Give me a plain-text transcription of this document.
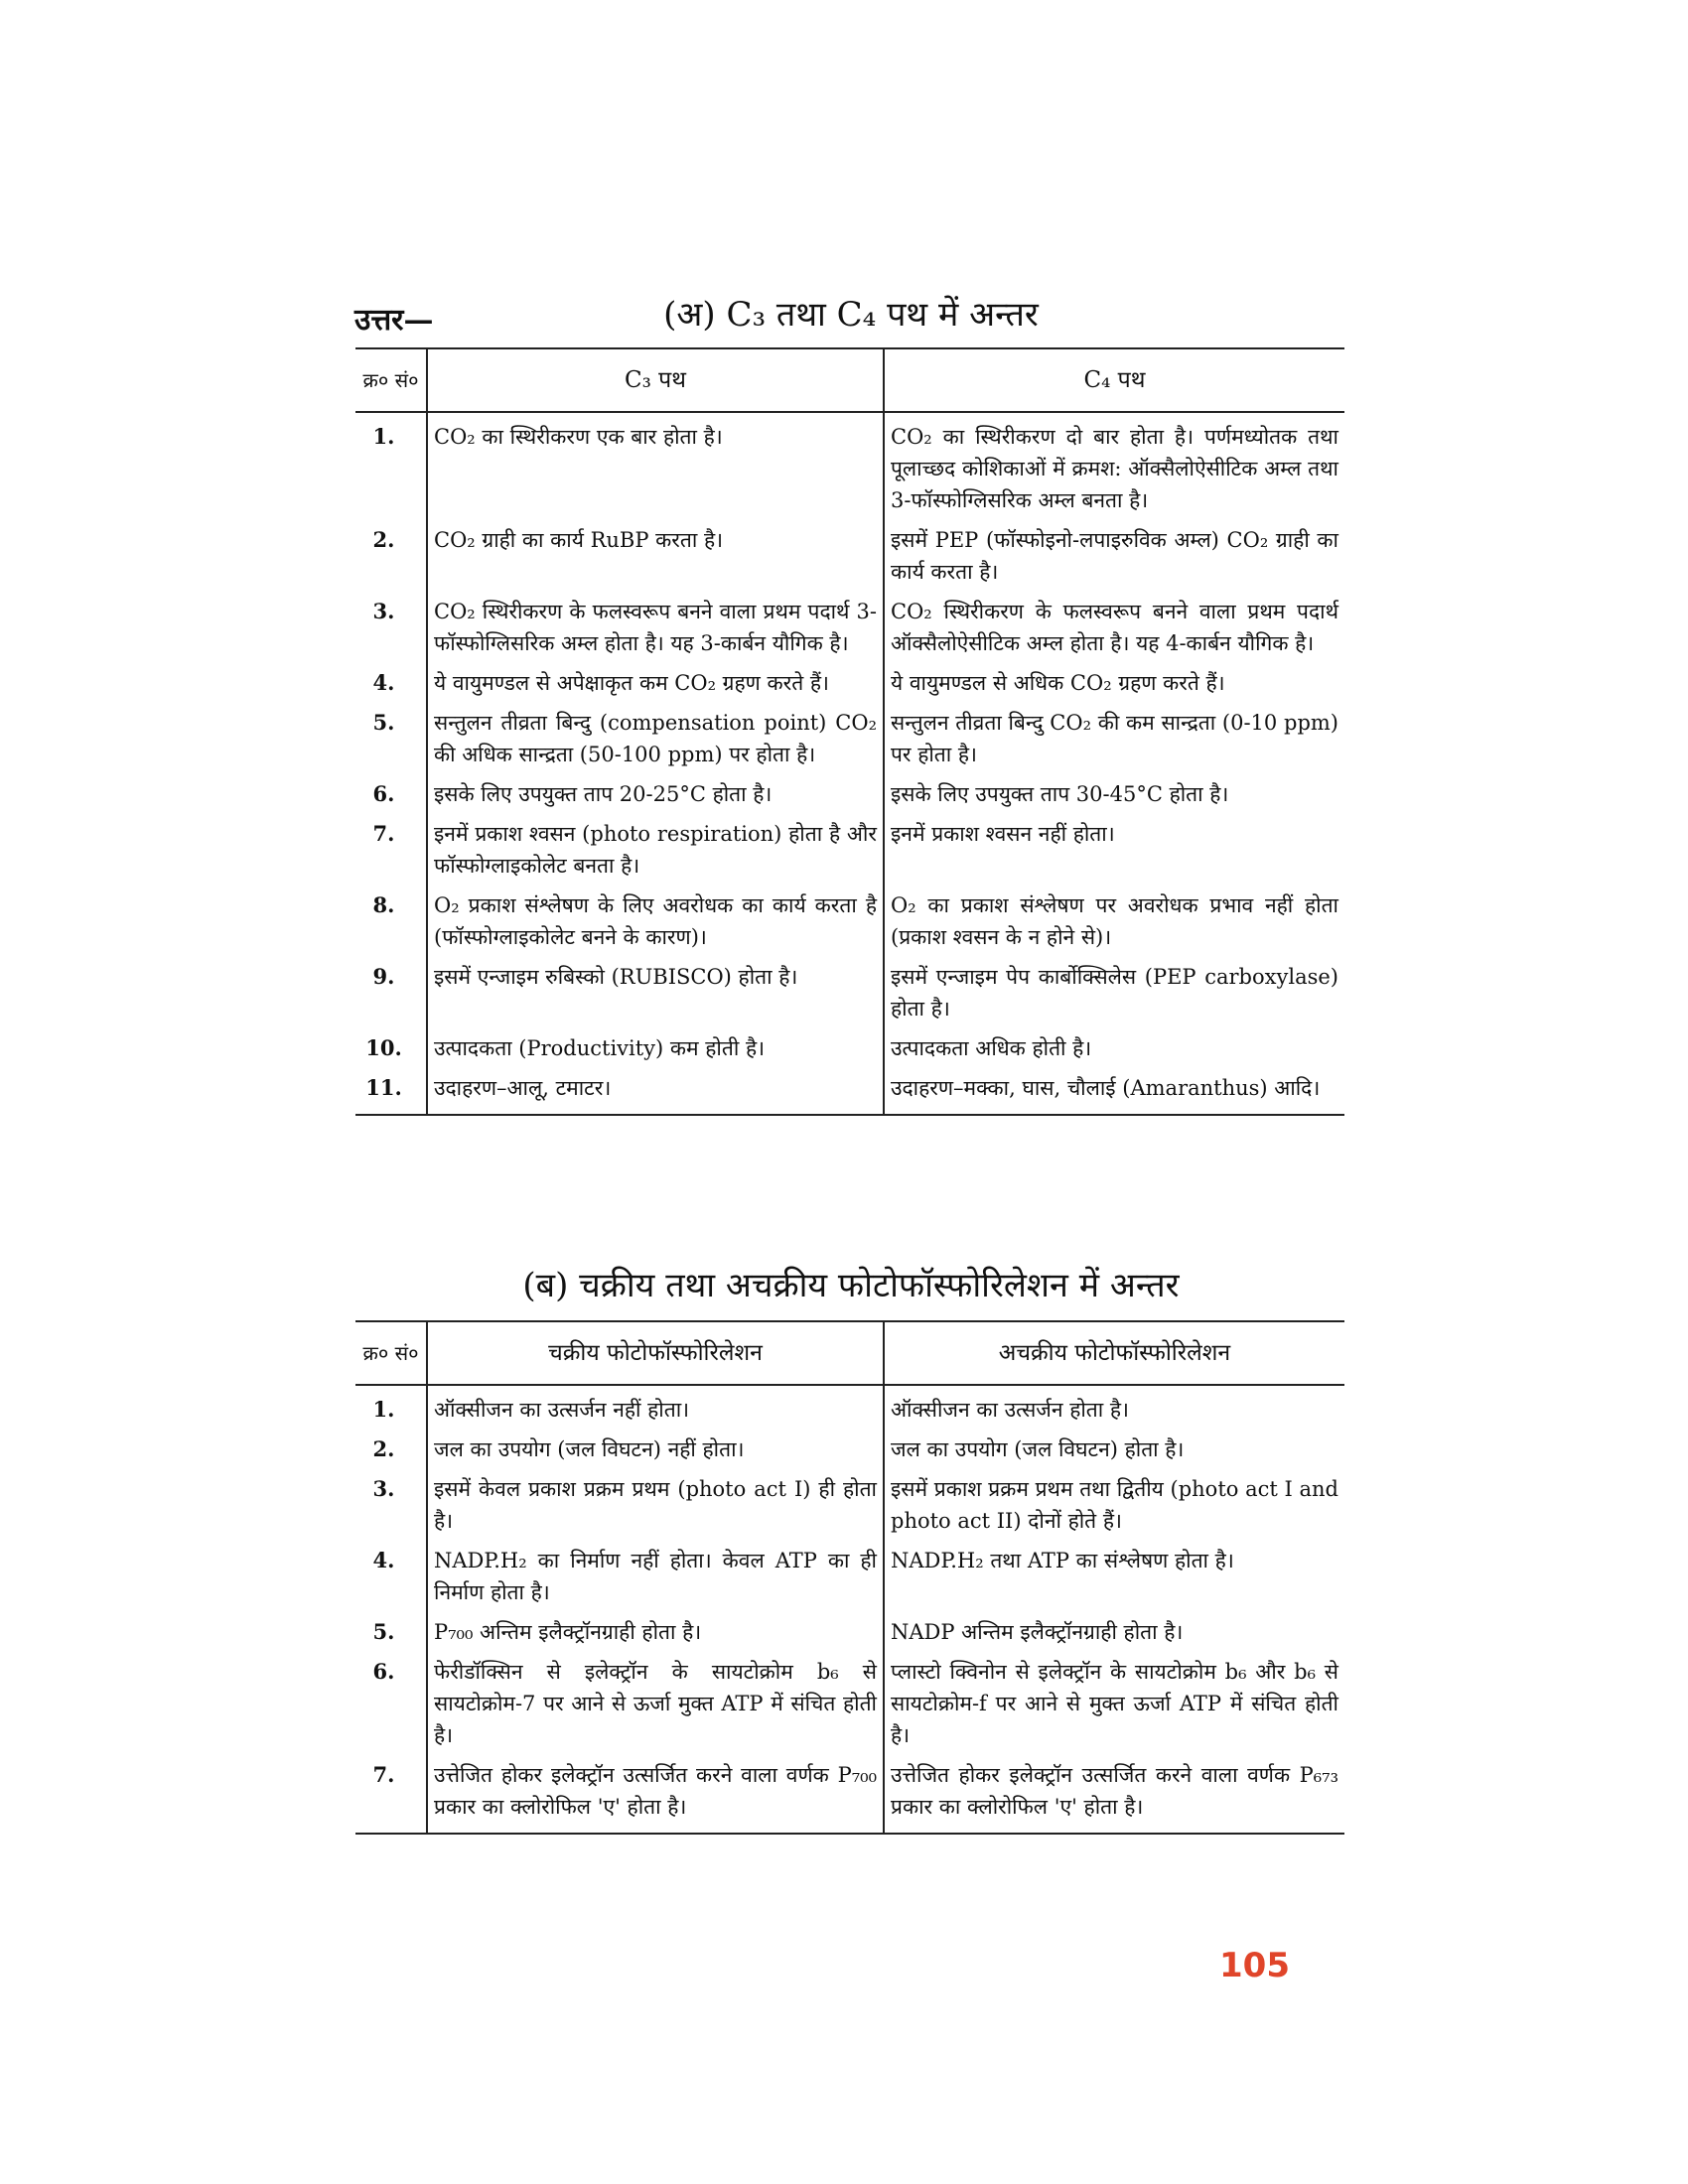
उत्तर—	(अ) C₃ तथा C₄ पथ में अन्तर
क्र० सं०	C₃ पथ	C₄ पथ
1.	CO₂ का स्थिरीकरण एक बार होता है।	CO₂ का स्थिरीकरण दो बार होता है। पर्णमध्योतक तथा पूलाच्छद कोशिकाओं में क्रमश: ऑक्सैलोऐसीटिक अम्ल तथा 3-फॉस्फोग्लिसरिक अम्ल बनता है।
2.	CO₂ ग्राही का कार्य RuBP करता है।	इसमें PEP (फॉस्फोइनो-लपाइरुविक अम्ल) CO₂ ग्राही का कार्य करता है।
3.	CO₂ स्थिरीकरण के फलस्वरूप बनने वाला प्रथम पदार्थ 3-फॉस्फोग्लिसरिक अम्ल होता है। यह 3-कार्बन यौगिक है।	CO₂ स्थिरीकरण के फलस्वरूप बनने वाला प्रथम पदार्थ ऑक्सैलोऐसीटिक अम्ल होता है। यह 4-कार्बन यौगिक है।
4.	ये वायुमण्डल से अपेक्षाकृत कम CO₂ ग्रहण करते हैं।	ये वायुमण्डल से अधिक CO₂ ग्रहण करते हैं।
5.	सन्तुलन तीव्रता बिन्दु (compensation point) CO₂ की अधिक सान्द्रता (50-100 ppm) पर होता है।	सन्तुलन तीव्रता बिन्दु CO₂ की कम सान्द्रता (0-10 ppm) पर होता है।
6.	इसके लिए उपयुक्त ताप 20-25°C होता है।	इसके लिए उपयुक्त ताप 30-45°C होता है।
7.	इनमें प्रकाश श्वसन (photo respiration) होता है और फॉस्फोग्लाइकोलेट बनता है।	इनमें प्रकाश श्वसन नहीं होता।
8.	O₂ प्रकाश संश्लेषण के लिए अवरोधक का कार्य करता है (फॉस्फोग्लाइकोलेट बनने के कारण)।	O₂ का प्रकाश संश्लेषण पर अवरोधक प्रभाव नहीं होता (प्रकाश श्वसन के न होने से)।
9.	इसमें एन्जाइम रुबिस्को (RUBISCO) होता है।	इसमें एन्जाइम पेप कार्बोक्सिलेस (PEP carboxylase) होता है।
10.	उत्पादकता (Productivity) कम होती है।	उत्पादकता अधिक होती है।
11.	उदाहरण–आलू, टमाटर।	उदाहरण–मक्का, घास, चौलाई (Amaranthus) आदि।
(ब) चक्रीय तथा अचक्रीय फोटोफॉस्फोरिलेशन में अन्तर
क्र० सं०	चक्रीय फोटोफॉस्फोरिलेशन	अचक्रीय फोटोफॉस्फोरिलेशन
1.	ऑक्सीजन का उत्सर्जन नहीं होता।	ऑक्सीजन का उत्सर्जन होता है।
2.	जल का उपयोग (जल विघटन) नहीं होता।	जल का उपयोग (जल विघटन) होता है।
3.	इसमें केवल प्रकाश प्रक्रम प्रथम (photo act I) ही होता है।	इसमें प्रकाश प्रक्रम प्रथम तथा द्वितीय (photo act I and photo act II) दोनों होते हैं।
4.	NADP.H₂ का निर्माण नहीं होता। केवल ATP का ही निर्माण होता है।	NADP.H₂ तथा ATP का संश्लेषण होता है।
5.	P₇₀₀ अन्तिम इलैक्ट्रॉनग्राही होता है।	NADP अन्तिम इलैक्ट्रॉनग्राही होता है।
6.	फेरीडॉक्सिन से इलेक्ट्रॉन के सायटोक्रोम b₆ से सायटोक्रोम-7 पर आने से ऊर्जा मुक्त ATP में संचित होती है।	प्लास्टो क्विनोन से इलेक्ट्रॉन के सायटोक्रोम b₆ और b₆ से सायटोक्रोम-f पर आने से मुक्त ऊर्जा ATP में संचित होती है।
7.	उत्तेजित होकर इलेक्ट्रॉन उत्सर्जित करने वाला वर्णक P₇₀₀ प्रकार का क्लोरोफिल 'ए' होता है।	उत्तेजित होकर इलेक्ट्रॉन उत्सर्जित करने वाला वर्णक P₆₇₃ प्रकार का क्लोरोफिल 'ए' होता है।
105
